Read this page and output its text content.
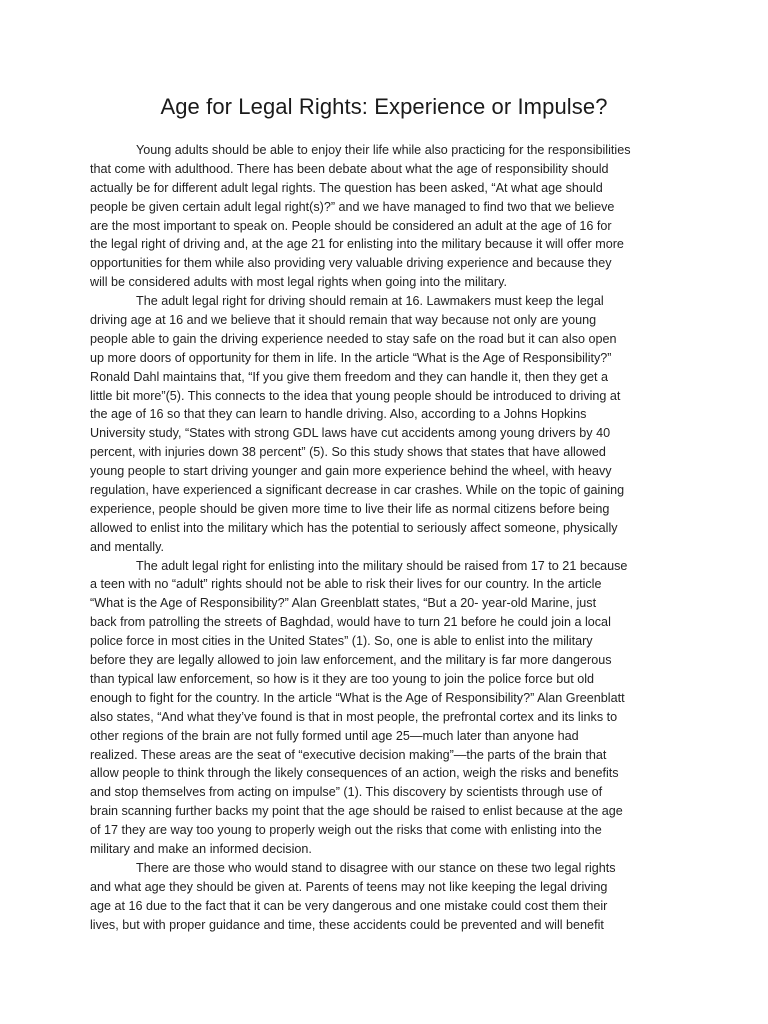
Age for Legal Rights: Experience or Impulse?
Young adults should be able to enjoy their life while also practicing for the responsibilities
that come with adulthood. There has been debate about what the age of responsibility should
actually be for different adult legal rights. The question has been asked, “At what age should
people be given certain adult legal right(s)?” and we have managed to find two that we believe
are the most important to speak on. People should be considered an adult at the age of 16 for
the legal right of driving and, at the age 21 for enlisting into the military because it will offer more
opportunities for them while also providing very valuable driving experience and because they
will be considered adults with most legal rights when going into the military.
The adult legal right for driving should remain at 16. Lawmakers must keep the legal
driving age at 16 and we believe that it should remain that way because not only are young
people able to gain the driving experience needed to stay safe on the road but it can also open
up more doors of opportunity for them in life. In the article “What is the Age of Responsibility?”
Ronald Dahl maintains that, “If you give them freedom and they can handle it, then they get a
little bit more”(5). This connects to the idea that young people should be introduced to driving at
the age of 16 so that they can learn to handle driving. Also, according to a Johns Hopkins
University study, “States with strong GDL laws have cut accidents among young drivers by 40
percent, with injuries down 38 percent” (5). So this study shows that states that have allowed
young people to start driving younger and gain more experience behind the wheel, with heavy
regulation, have experienced a significant decrease in car crashes. While on the topic of gaining
experience, people should be given more time to live their life as normal citizens before being
allowed to enlist into the military which has the potential to seriously affect someone, physically
and mentally.
The adult legal right for enlisting into the military should be raised from 17 to 21 because
a teen with no “adult” rights should not be able to risk their lives for our country. In the article
“What is the Age of Responsibility?” Alan Greenblatt states, “But a 20- year-old Marine, just
back from patrolling the streets of Baghdad, would have to turn 21 before he could join a local
police force in most cities in the United States” (1). So, one is able to enlist into the military
before they are legally allowed to join law enforcement, and the military is far more dangerous
than typical law enforcement, so how is it they are too young to join the police force but old
enough to fight for the country. In the article “What is the Age of Responsibility?” Alan Greenblatt
also states, “And what they’ve found is that in most people, the prefrontal cortex and its links to
other regions of the brain are not fully formed until age 25—much later than anyone had
realized. These areas are the seat of “executive decision making”—the parts of the brain that
allow people to think through the likely consequences of an action, weigh the risks and benefits
and stop themselves from acting on impulse” (1). This discovery by scientists through use of
brain scanning further backs my point that the age should be raised to enlist because at the age
of 17 they are way too young to properly weigh out the risks that come with enlisting into the
military and make an informed decision.
There are those who would stand to disagree with our stance on these two legal rights
and what age they should be given at. Parents of teens may not like keeping the legal driving
age at 16 due to the fact that it can be very dangerous and one mistake could cost them their
lives, but with proper guidance and time, these accidents could be prevented and will benefit
